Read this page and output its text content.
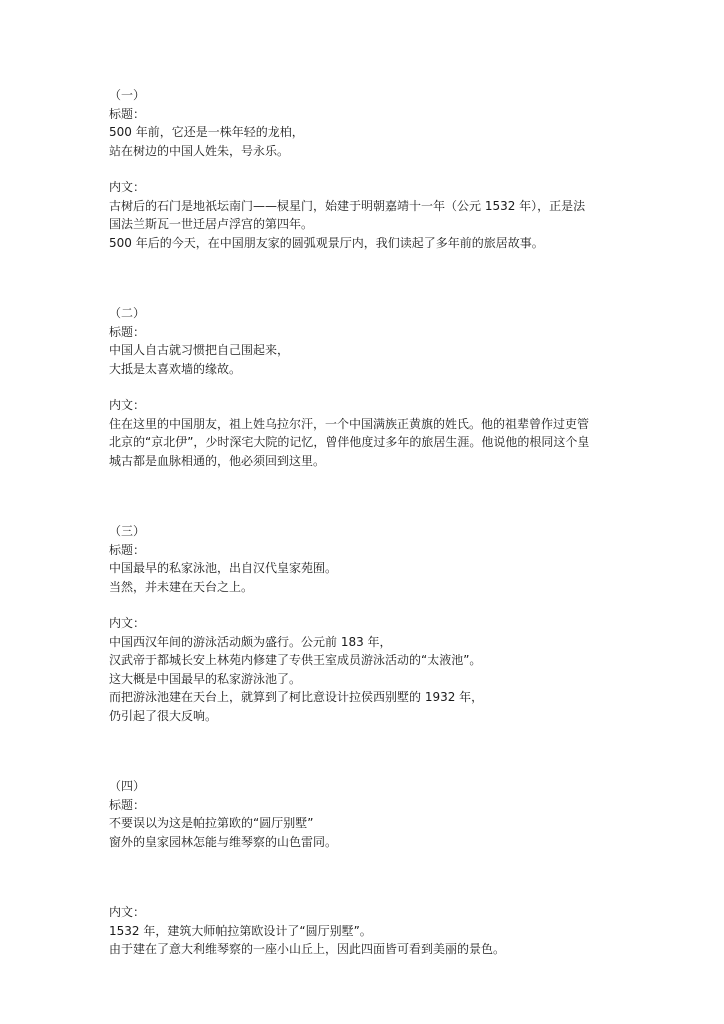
（一）

标题：

500 年前，它还是一株年轻的龙柏，

站在树边的中国人姓朱，号永乐。

内文：

古树后的石门是地祇坛南门——棂星门，始建于明朝嘉靖十一年（公元 1532 年），正是法

国法兰斯瓦一世迁居卢浮宫的第四年。

500 年后的今天，在中国朋友家的圆弧观景厅内，我们读起了多年前的旅居故事。

（二）

标题：

中国人自古就习惯把自己围起来，

大抵是太喜欢墙的缘故。

内文：

住在这里的中国朋友，祖上姓乌拉尔汗，一个中国满族正黄旗的姓氏。他的祖辈曾作过吏管

北京的“京北伊”，少时深宅大院的记忆，曾伴他度过多年的旅居生涯。他说他的根同这个皇

城古都是血脉相通的，他必须回到这里。

（三）

标题：

中国最早的私家泳池，出自汉代皇家苑囿。

当然，并未建在天台之上。

内文：

中国西汉年间的游泳活动颇为盛行。公元前 183 年，

汉武帝于都城长安上林苑内修建了专供王室成员游泳活动的“太液池”。

这大概是中国最早的私家游泳池了。

而把游泳池建在天台上，就算到了柯比意设计拉侯西别墅的 1932 年，

仍引起了很大反响。

（四）

标题：

不要误以为这是帕拉第欧的“圆厅别墅”

窗外的皇家园林怎能与维琴察的山色雷同。

内文：

1532 年，建筑大师帕拉第欧设计了“圆厅别墅”。

由于建在了意大利维琴察的一座小山丘上，因此四面皆可看到美丽的景色。
